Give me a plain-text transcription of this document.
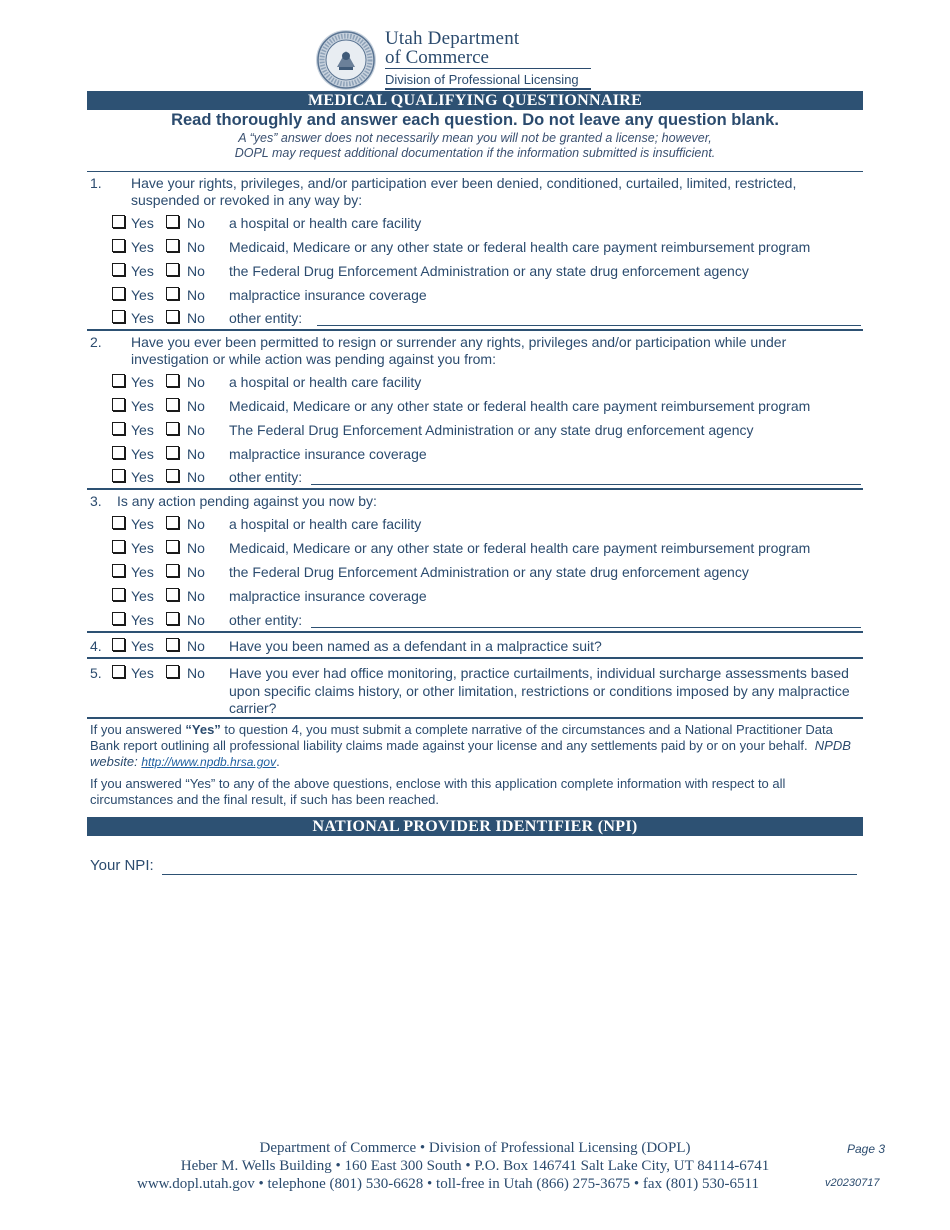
Utah Department
of Commerce
Division of Professional Licensing
MEDICAL QUALIFYING QUESTIONNAIRE
Read thoroughly and answer each question. Do not leave any question blank.
A “yes” answer does not necessarily mean you will not be granted a license; however,
DOPL may request additional documentation if the information submitted is insufficient.
1. Have your rights, privileges, and/or participation ever been denied, conditioned, curtailed, limited, restricted, suspended or revoked in any way by:
Yes No a hospital or health care facility
Yes No Medicaid, Medicare or any other state or federal health care payment reimbursement program
Yes No the Federal Drug Enforcement Administration or any state drug enforcement agency
Yes No malpractice insurance coverage
Yes No other entity:
2. Have you ever been permitted to resign or surrender any rights, privileges and/or participation while under investigation or while action was pending against you from:
Yes No a hospital or health care facility
Yes No Medicaid, Medicare or any other state or federal health care payment reimbursement program
Yes No The Federal Drug Enforcement Administration or any state drug enforcement agency
Yes No malpractice insurance coverage
Yes No other entity:
3. Is any action pending against you now by:
Yes No a hospital or health care facility
Yes No Medicaid, Medicare or any other state or federal health care payment reimbursement program
Yes No the Federal Drug Enforcement Administration or any state drug enforcement agency
Yes No malpractice insurance coverage
Yes No other entity:
4. Yes No Have you been named as a defendant in a malpractice suit?
5. Yes No Have you ever had office monitoring, practice curtailments, individual surcharge assessments based upon specific claims history, or other limitation, restrictions or conditions imposed by any malpractice carrier?
If you answered “Yes” to question 4, you must submit a complete narrative of the circumstances and a National Practitioner Data Bank report outlining all professional liability claims made against your license and any settlements paid by or on your behalf. NPDB website: http://www.npdb.hrsa.gov.
If you answered “Yes” to any of the above questions, enclose with this application complete information with respect to all circumstances and the final result, if such has been reached.
NATIONAL PROVIDER IDENTIFIER (NPI)
Your NPI:
Department of Commerce • Division of Professional Licensing (DOPL)
Heber M. Wells Building • 160 East 300 South • P.O. Box 146741 Salt Lake City, UT 84114-6741
www.dopl.utah.gov • telephone (801) 530-6628 • toll-free in Utah (866) 275-3675 • fax (801) 530-6511
Page 3
v20230717
